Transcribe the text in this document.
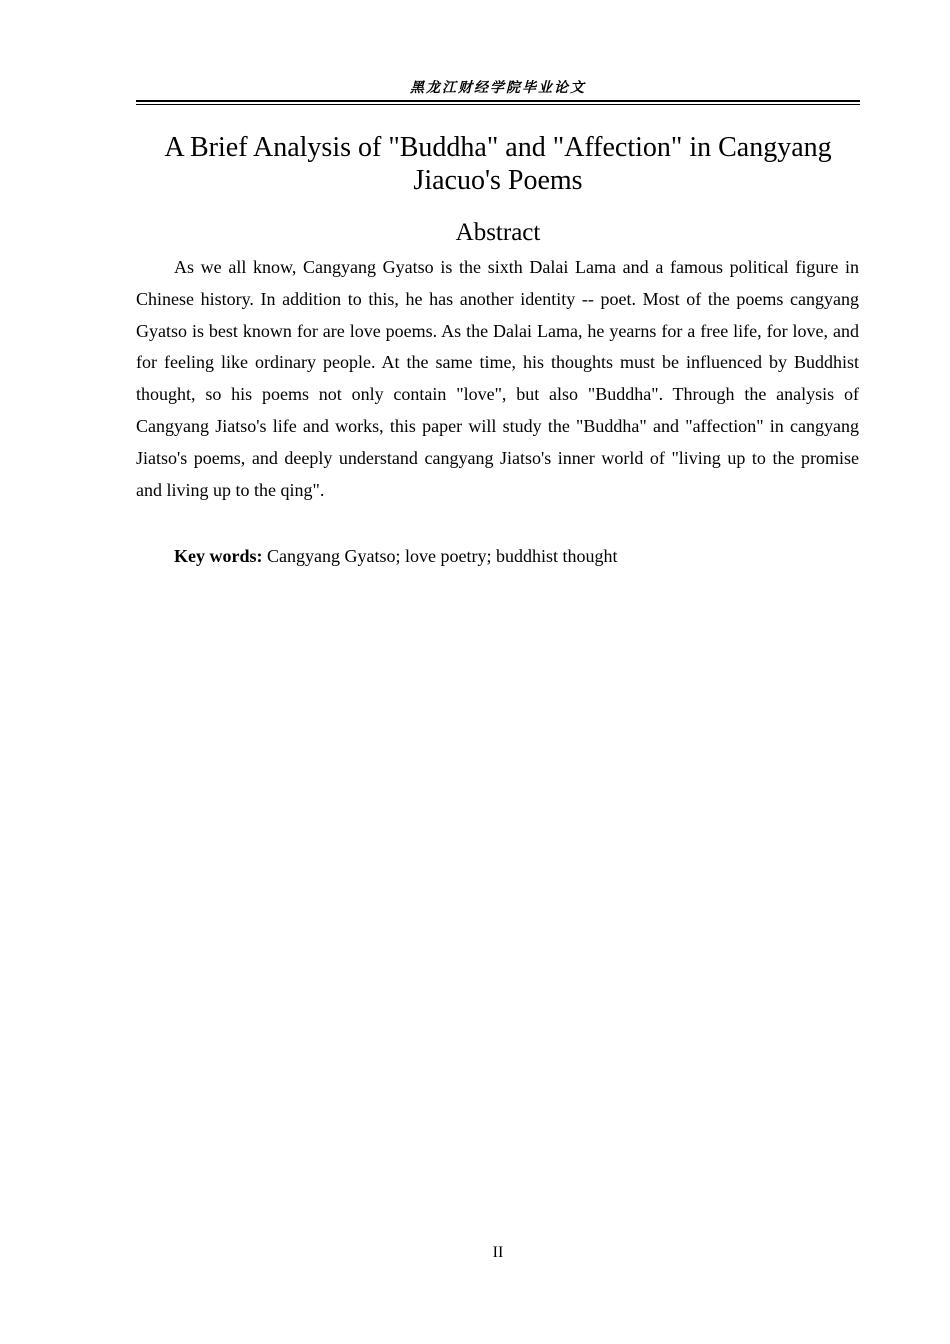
黑龙江财经学院毕业论文
A Brief Analysis of "Buddha" and "Affection" in Cangyang Jiacuo's Poems
Abstract

As we all know, Cangyang Gyatso is the sixth Dalai Lama and a famous political figure in Chinese history. In addition to this, he has another identity -- poet. Most of the poems cangyang Gyatso is best known for are love poems. As the Dalai Lama, he yearns for a free life, for love, and for feeling like ordinary people. At the same time, his thoughts must be influenced by Buddhist thought, so his poems not only contain "love", but also "Buddha". Through the analysis of Cangyang Jiatso's life and works, this paper will study the "Buddha" and "affection" in cangyang Jiatso's poems, and deeply understand cangyang Jiatso's inner world of "living up to the promise and living up to the qing".

Key words: Cangyang Gyatso; love poetry; buddhist thought

II
